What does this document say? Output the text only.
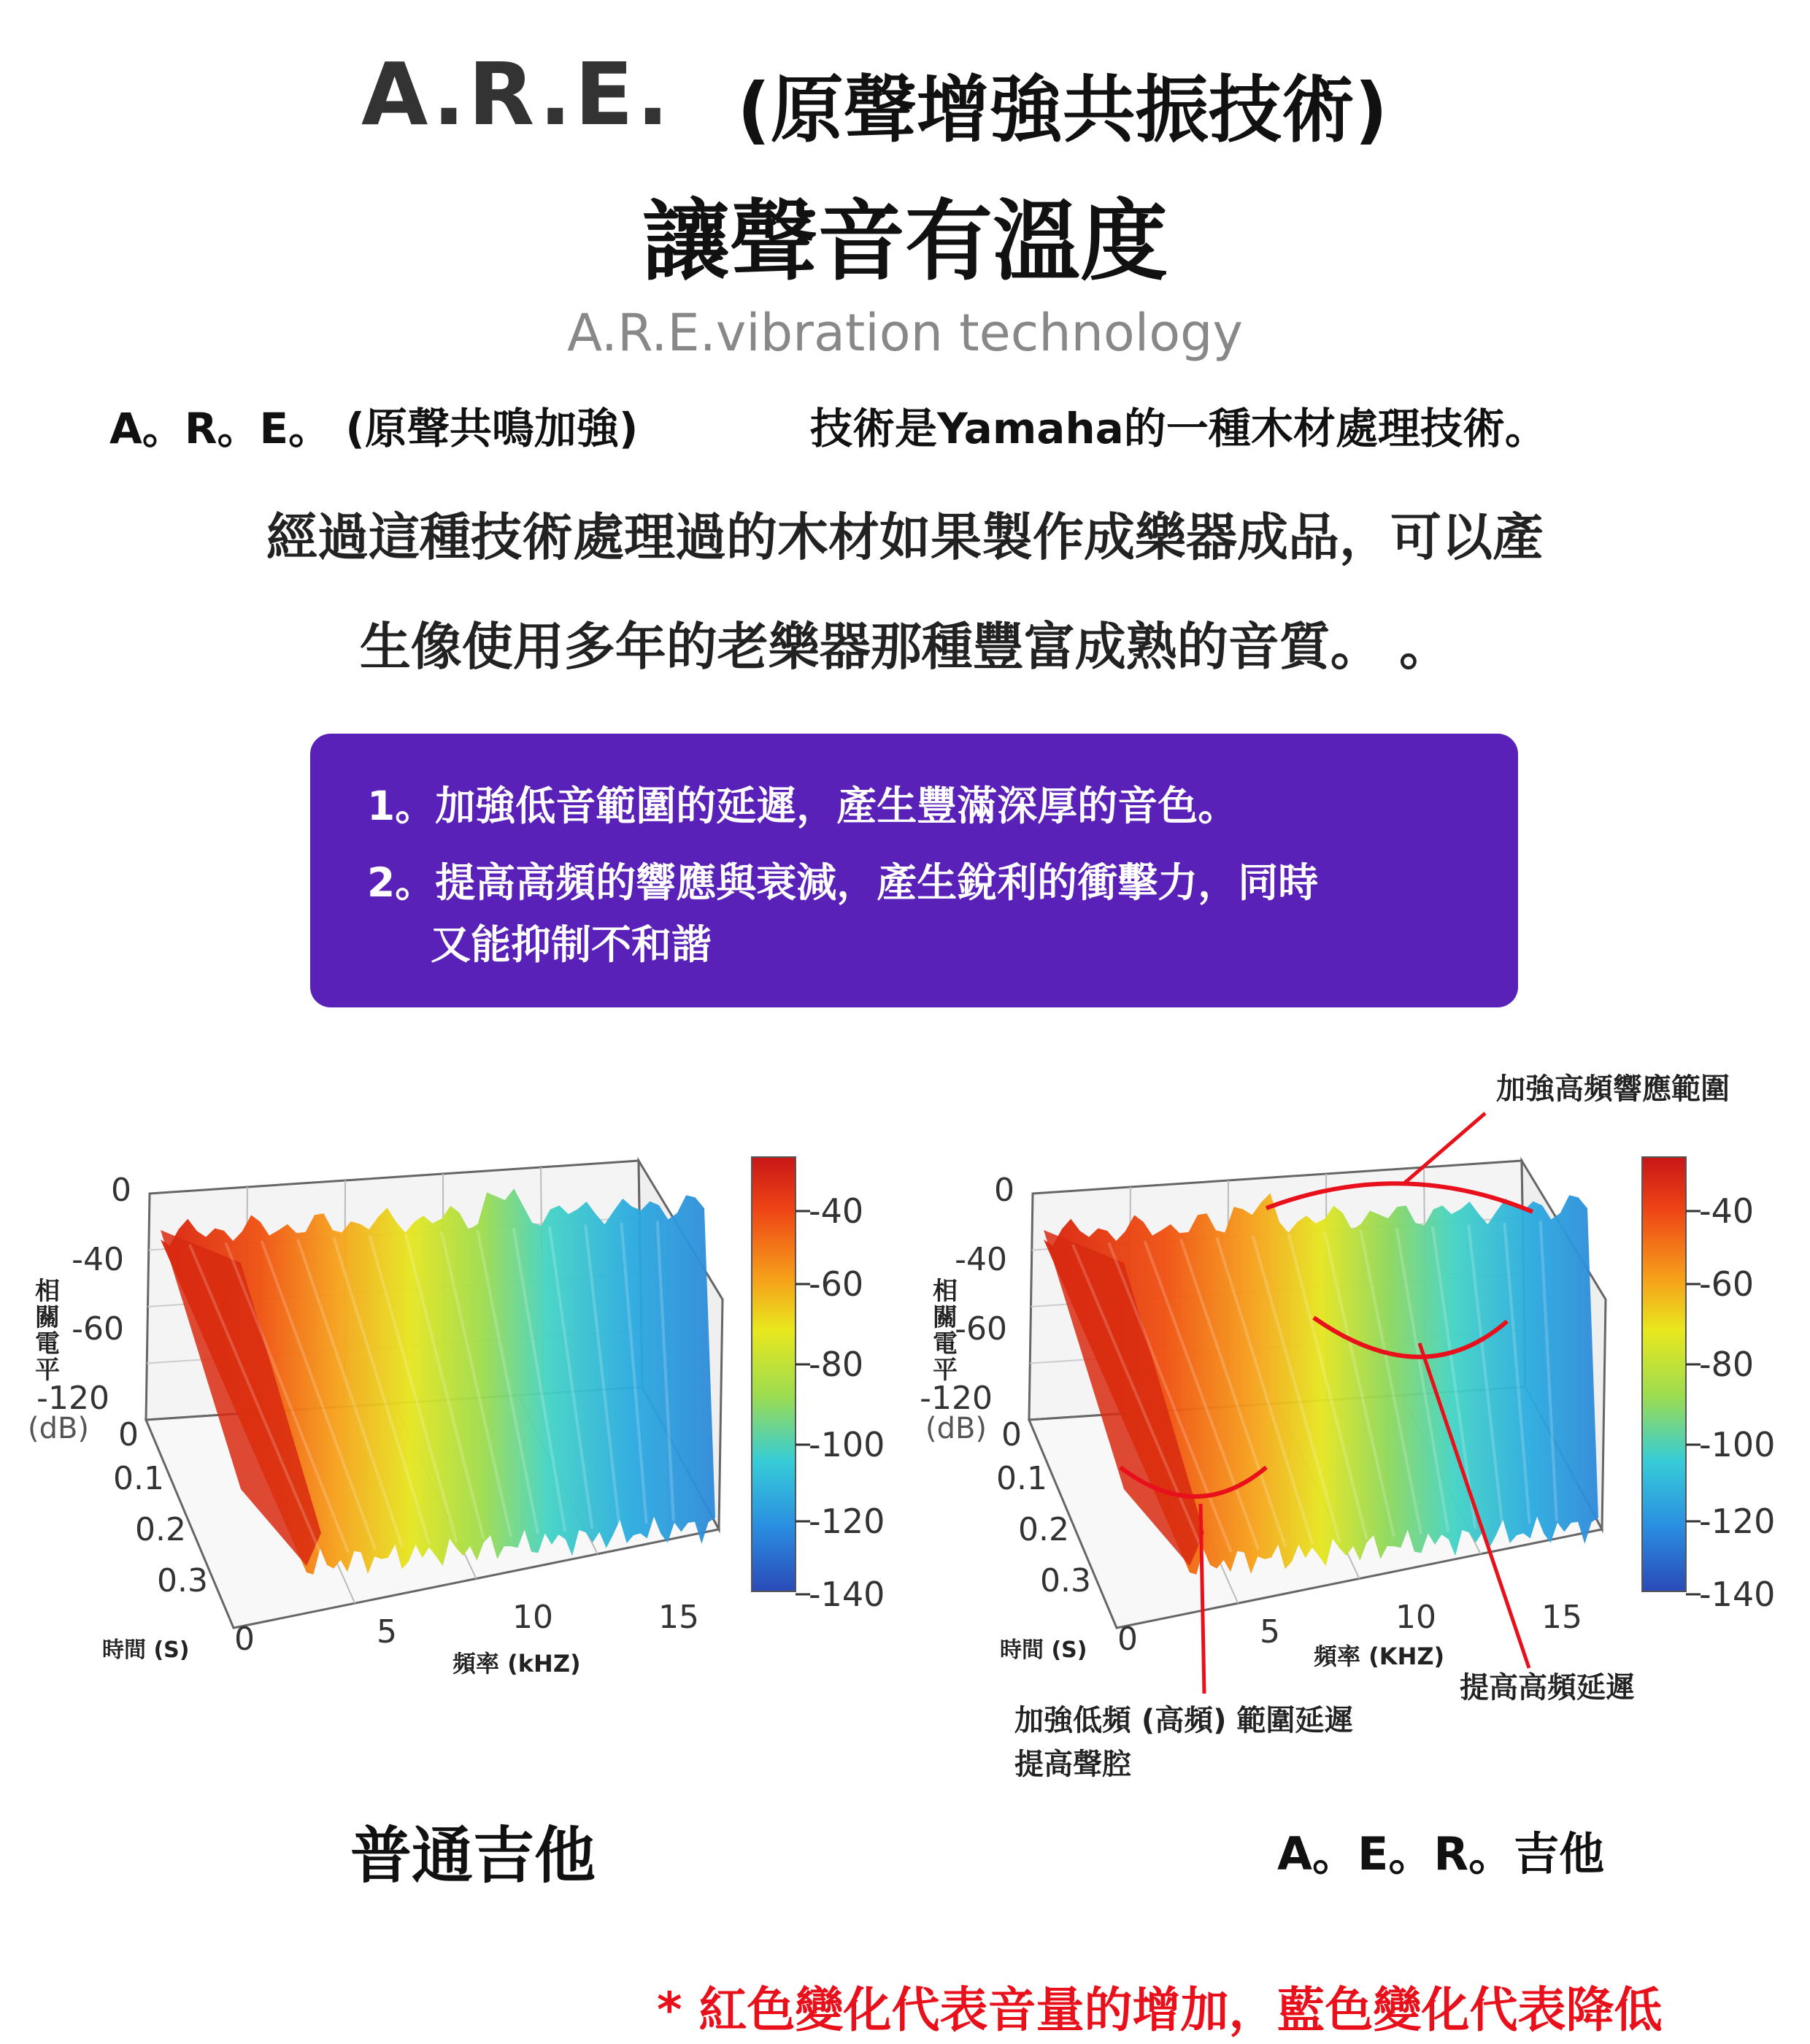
A.R.E. (原聲增強共振技術)
讓聲音有溫度
A.R.E.vibration technology
A。R。E。 (原聲共鳴加強)	技術是Yamaha的一種木材處理技術。
經過這種技術處理過的木材如果製作成樂器成品，可以產
生像使用多年的老樂器那種豐富成熟的音質。 。
1。加強低音範圍的延遲，產生豐滿深厚的音色。
2。提高高頻的響應與衰減，產生銳利的衝擊力，同時
又能抑制不和諧
0
-40
-60
-120
0
0.1
0.2
0.3
0	5	10	15
相
關
電
平
(dB)
時間 (S)	頻率 (kHZ)
-40
-60
-80
-100
-120
-140
0
-40
-60
-120
0
0.1
0.2
0.3
0	5	10	15
相
關
電
平
(dB)
時間 (S)	頻率 (KHZ)
-40
-60
-80
-100
-120
-140
加強高頻響應範圍
加強低頻 (高頻) 範圍延遲
提高聲腔
提高高頻延遲
普通吉他	A。E。R。吉他
* 紅色變化代表音量的增加，藍色變化代表降低
